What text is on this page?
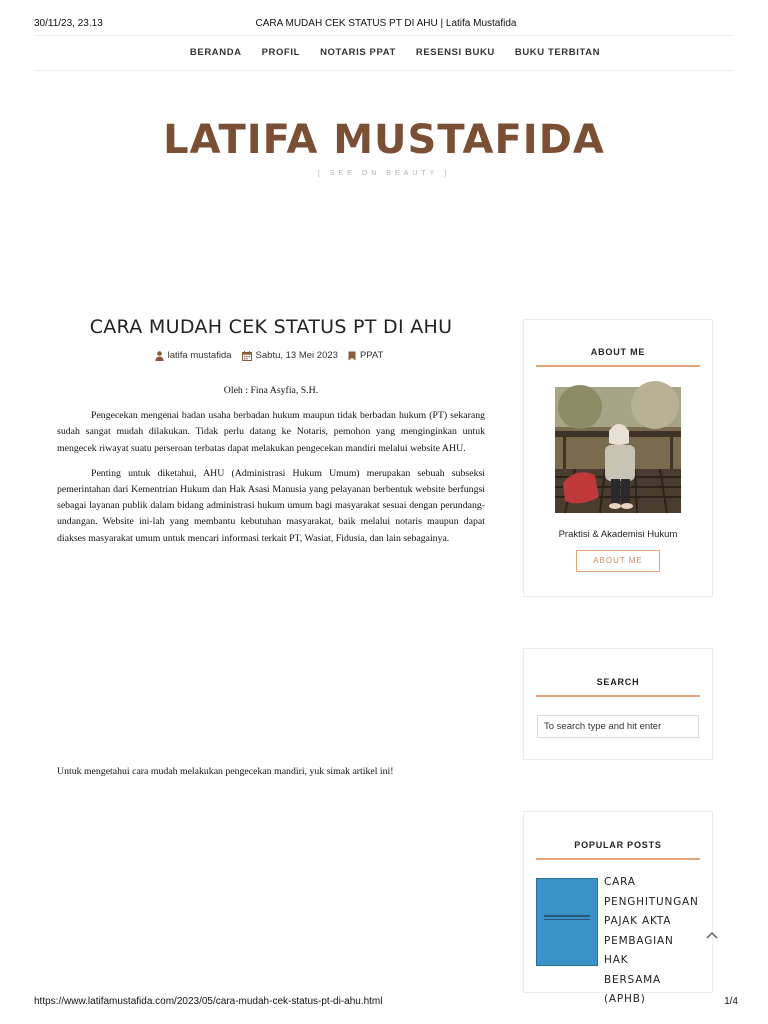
30/11/23, 23.13	CARA MUDAH CEK STATUS PT DI AHU | Latifa Mustafida
BERANDA PROFIL NOTARIS PPAT RESENSI BUKU BUKU TERBITAN
LATIFA MUSTAFIDA
[ SEE ON BEAUTY ]
CARA MUDAH CEK STATUS PT DI AHU
latifa mustafida	Sabtu, 13 Mei 2023 PPAT
Oleh : Fina Asyfia, S.H.

Pengecekan mengenai badan usaha berbadan hukum maupun tidak berbadan hukum (PT) sekarang sudah sangat mudah dilakukan. Tidak perlu datang ke Notaris, pemohon yang menginginkan untuk mengecek riwayat suatu perseroan terbatas dapat melakukan pengecekan mandiri melalui website AHU.

Penting untuk diketahui, AHU (Administrasi Hukum Umum) merupakan sebuah subseksi pemerintahan dari Kementrian Hukum dan Hak Asasi Manusia yang pelayanan berbentuk website berfungsi sebagai layanan publik dalam bidang administrasi hukum umum bagi masyarakat sesuai dengan perundang-undangan. Website ini-lah yang membantu kebutuhan masyarakat, baik melalui notaris maupun dapat diakses masyarakat umum untuk mencari informasi terkait PT, Wasiat, Fidusia, dan lain sebagainya.

Untuk mengetahui cara mudah melakukan pengecekan mandiri, yuk simak artikel ini!

ABOUT ME
Praktisi & Akademisi Hukum
ABOUT ME
SEARCH
To search type and hit enter
POPULAR POSTS
CARA
PENGHITUNGAN
PAJAK AKTA
PEMBAGIAN HAK
BERSAMA (APHB)
https://www.latifamustafida.com/2023/05/cara-mudah-cek-status-pt-di-ahu.html	1/4
